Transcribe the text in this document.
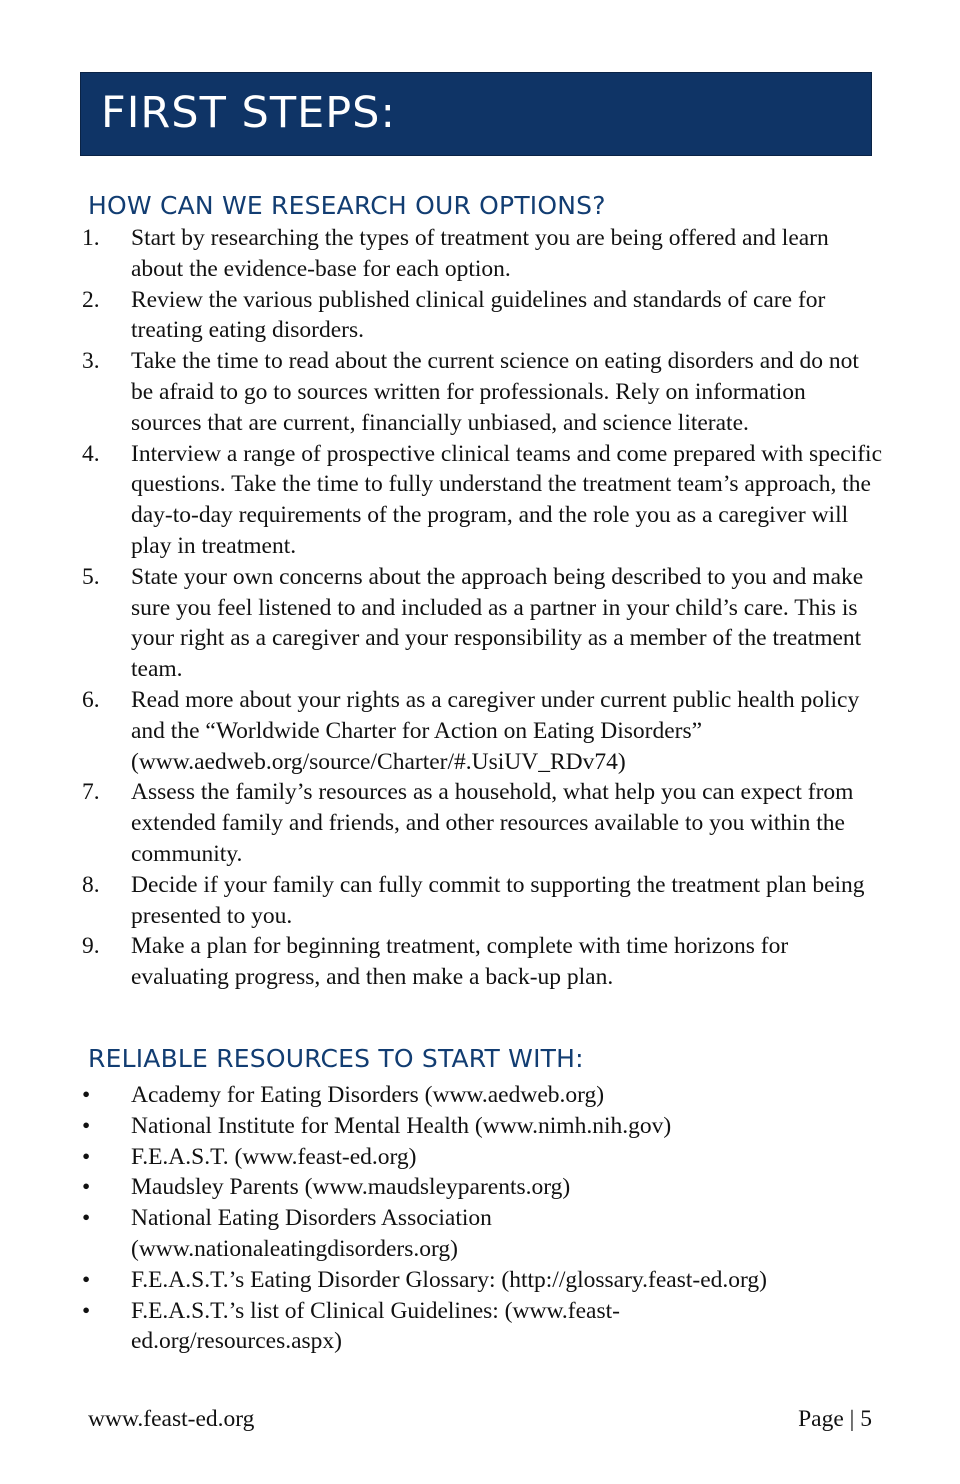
FIRST STEPS:
HOW CAN WE RESEARCH OUR OPTIONS?
1.	Start by researching the types of treatment you are being offered and learn about the evidence-base for each option.
2.	Review the various published clinical guidelines and standards of care for treating eating disorders.
3.	Take the time to read about the current science on eating disorders and do not be afraid to go to sources written for professionals. Rely on information sources that are current, financially unbiased, and science literate.
4.	Interview a range of prospective clinical teams and come prepared with specific questions. Take the time to fully understand the treatment team’s approach, the day-to-day requirements of the program, and the role you as a caregiver will play in treatment.
5.	State your own concerns about the approach being described to you and make sure you feel listened to and included as a partner in your child’s care. This is your right as a caregiver and your responsibility as a member of the treatment team.
6.	Read more about your rights as a caregiver under current public health policy and the “Worldwide Charter for Action on Eating Disorders” (www.aedweb.org/source/Charter/#.UsiUV_RDv74)
7.	Assess the family’s resources as a household, what help you can expect from extended family and friends, and other resources available to you within the community.
8.	Decide if your family can fully commit to supporting the treatment plan being presented to you.
9.	Make a plan for beginning treatment, complete with time horizons for evaluating progress, and then make a back-up plan.
RELIABLE RESOURCES TO START WITH:
•	Academy for Eating Disorders (www.aedweb.org)
•	National Institute for Mental Health (www.nimh.nih.gov)
•	F.E.A.S.T. (www.feast-ed.org)
•	Maudsley Parents (www.maudsleyparents.org)
•	National Eating Disorders Association (www.nationaleatingdisorders.org)
•	F.E.A.S.T.’s Eating Disorder Glossary: (http://glossary.feast-ed.org)
•	F.E.A.S.T.’s list of Clinical Guidelines: (www.feast-ed.org/resources.aspx)
www.feast-ed.org	Page | 5
